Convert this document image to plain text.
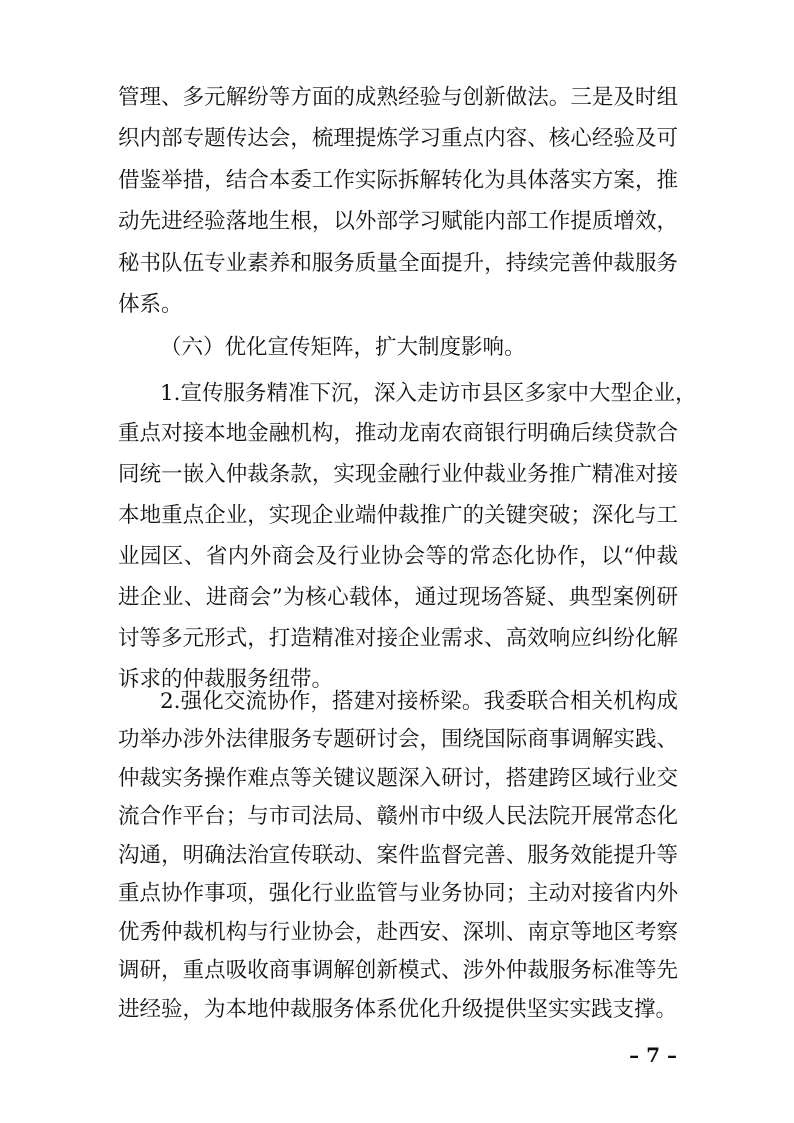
管理、多元解纷等方面的成熟经验与创新做法。三是及时组
织内部专题传达会，梳理提炼学习重点内容、核心经验及可
借鉴举措，结合本委工作实际拆解转化为具体落实方案，推
动先进经验落地生根，以外部学习赋能内部工作提质增效，
秘书队伍专业素养和服务质量全面提升，持续完善仲裁服务
体系。
（六）优化宣传矩阵，扩大制度影响。
1.宣传服务精准下沉，深入走访市县区多家中大型企业，
重点对接本地金融机构，推动龙南农商银行明确后续贷款合
同统一嵌入仲裁条款，实现金融行业仲裁业务推广精准对接
本地重点企业，实现企业端仲裁推广的关键突破；深化与工
业园区、省内外商会及行业协会等的常态化协作，以“仲裁
进企业、进商会”为核心载体，通过现场答疑、典型案例研
讨等多元形式，打造精准对接企业需求、高效响应纠纷化解
诉求的仲裁服务纽带。
2.强化交流协作，搭建对接桥梁。我委联合相关机构成
功举办涉外法律服务专题研讨会，围绕国际商事调解实践、
仲裁实务操作难点等关键议题深入研讨，搭建跨区域行业交
流合作平台；与市司法局、赣州市中级人民法院开展常态化
沟通，明确法治宣传联动、案件监督完善、服务效能提升等
重点协作事项，强化行业监管与业务协同；主动对接省内外
优秀仲裁机构与行业协会，赴西安、深圳、南京等地区考察
调研，重点吸收商事调解创新模式、涉外仲裁服务标准等先
进经验，为本地仲裁服务体系优化升级提供坚实实践支撑。
– 7 –
